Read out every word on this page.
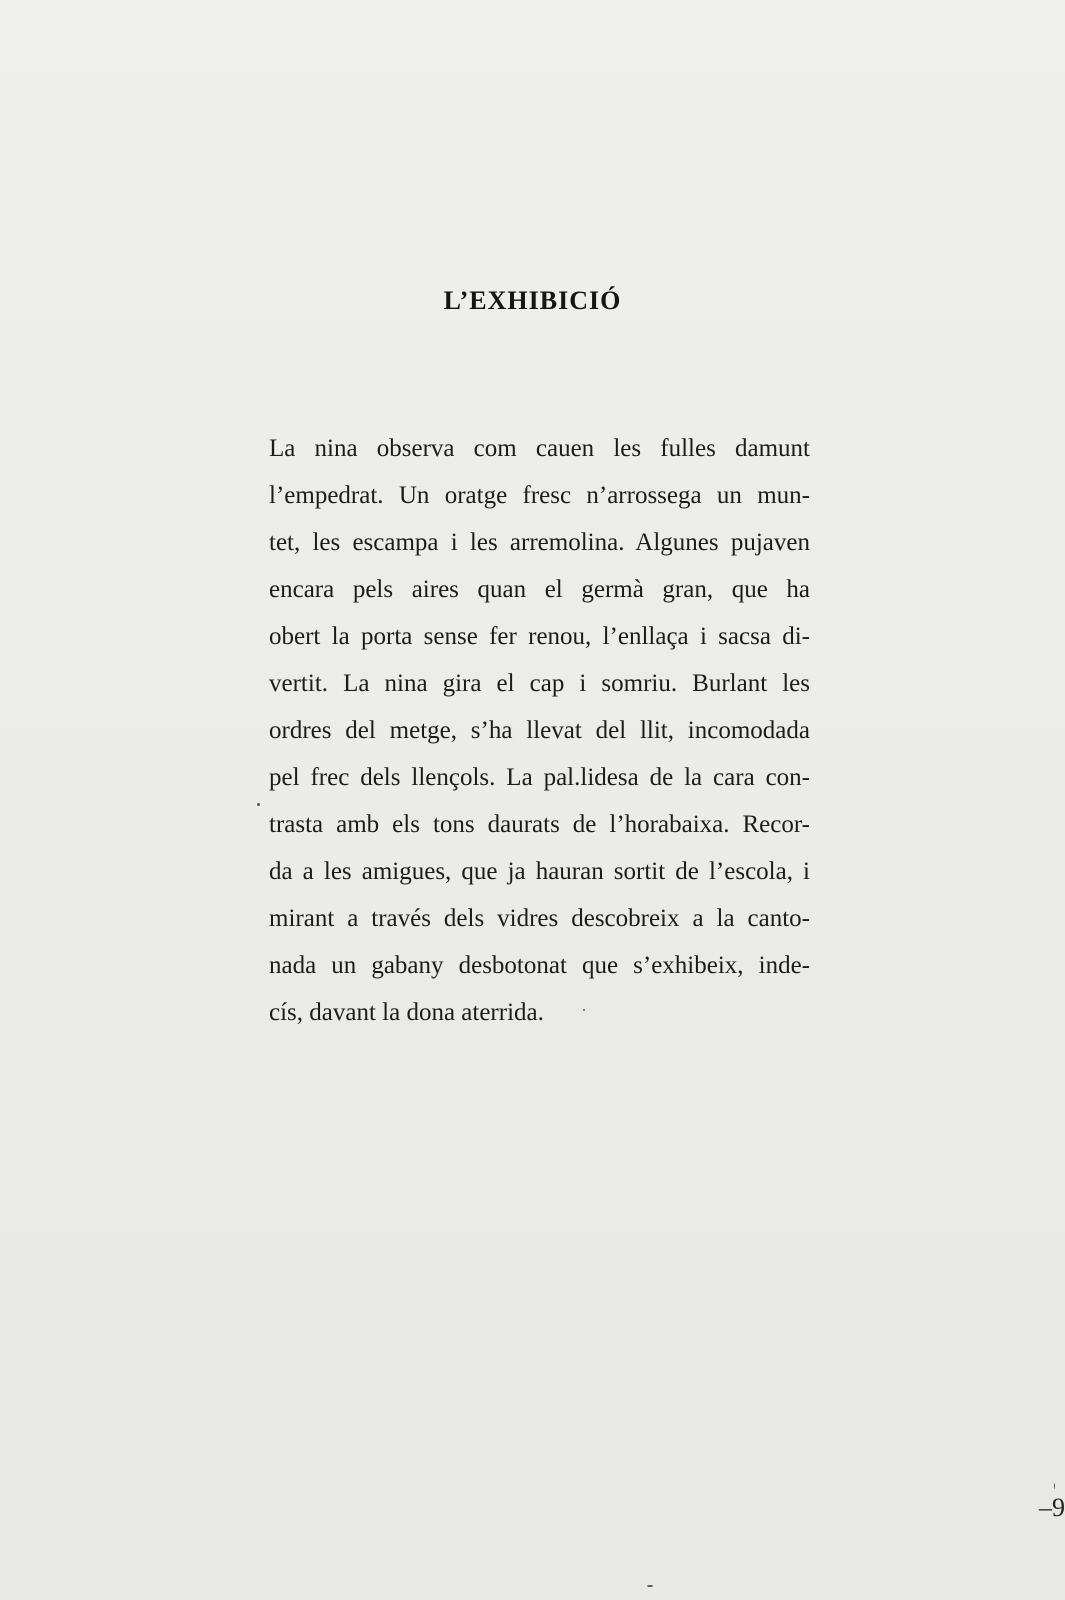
L’EXHIBICIÓ
La nina observa com cauen les fulles damunt
l’empedrat. Un oratge fresc n’arrossega un mun-
tet, les escampa i les arremolina. Algunes pujaven
encara pels aires quan el germà gran, que ha
obert la porta sense fer renou, l’enllaça i sacsa di-
vertit. La nina gira el cap i somriu. Burlant les
ordres del metge, s’ha llevat del llit, incomodada
pel frec dels llençols. La pal.lidesa de la cara con-
trasta amb els tons daurats de l’horabaixa. Recor-
da a les amigues, que ja hauran sortit de l’escola, i
mirant a través dels vidres descobreix a la canto-
nada un gabany desbotonat que s’exhibeix, inde-
cís, davant la dona aterrida.
–9
